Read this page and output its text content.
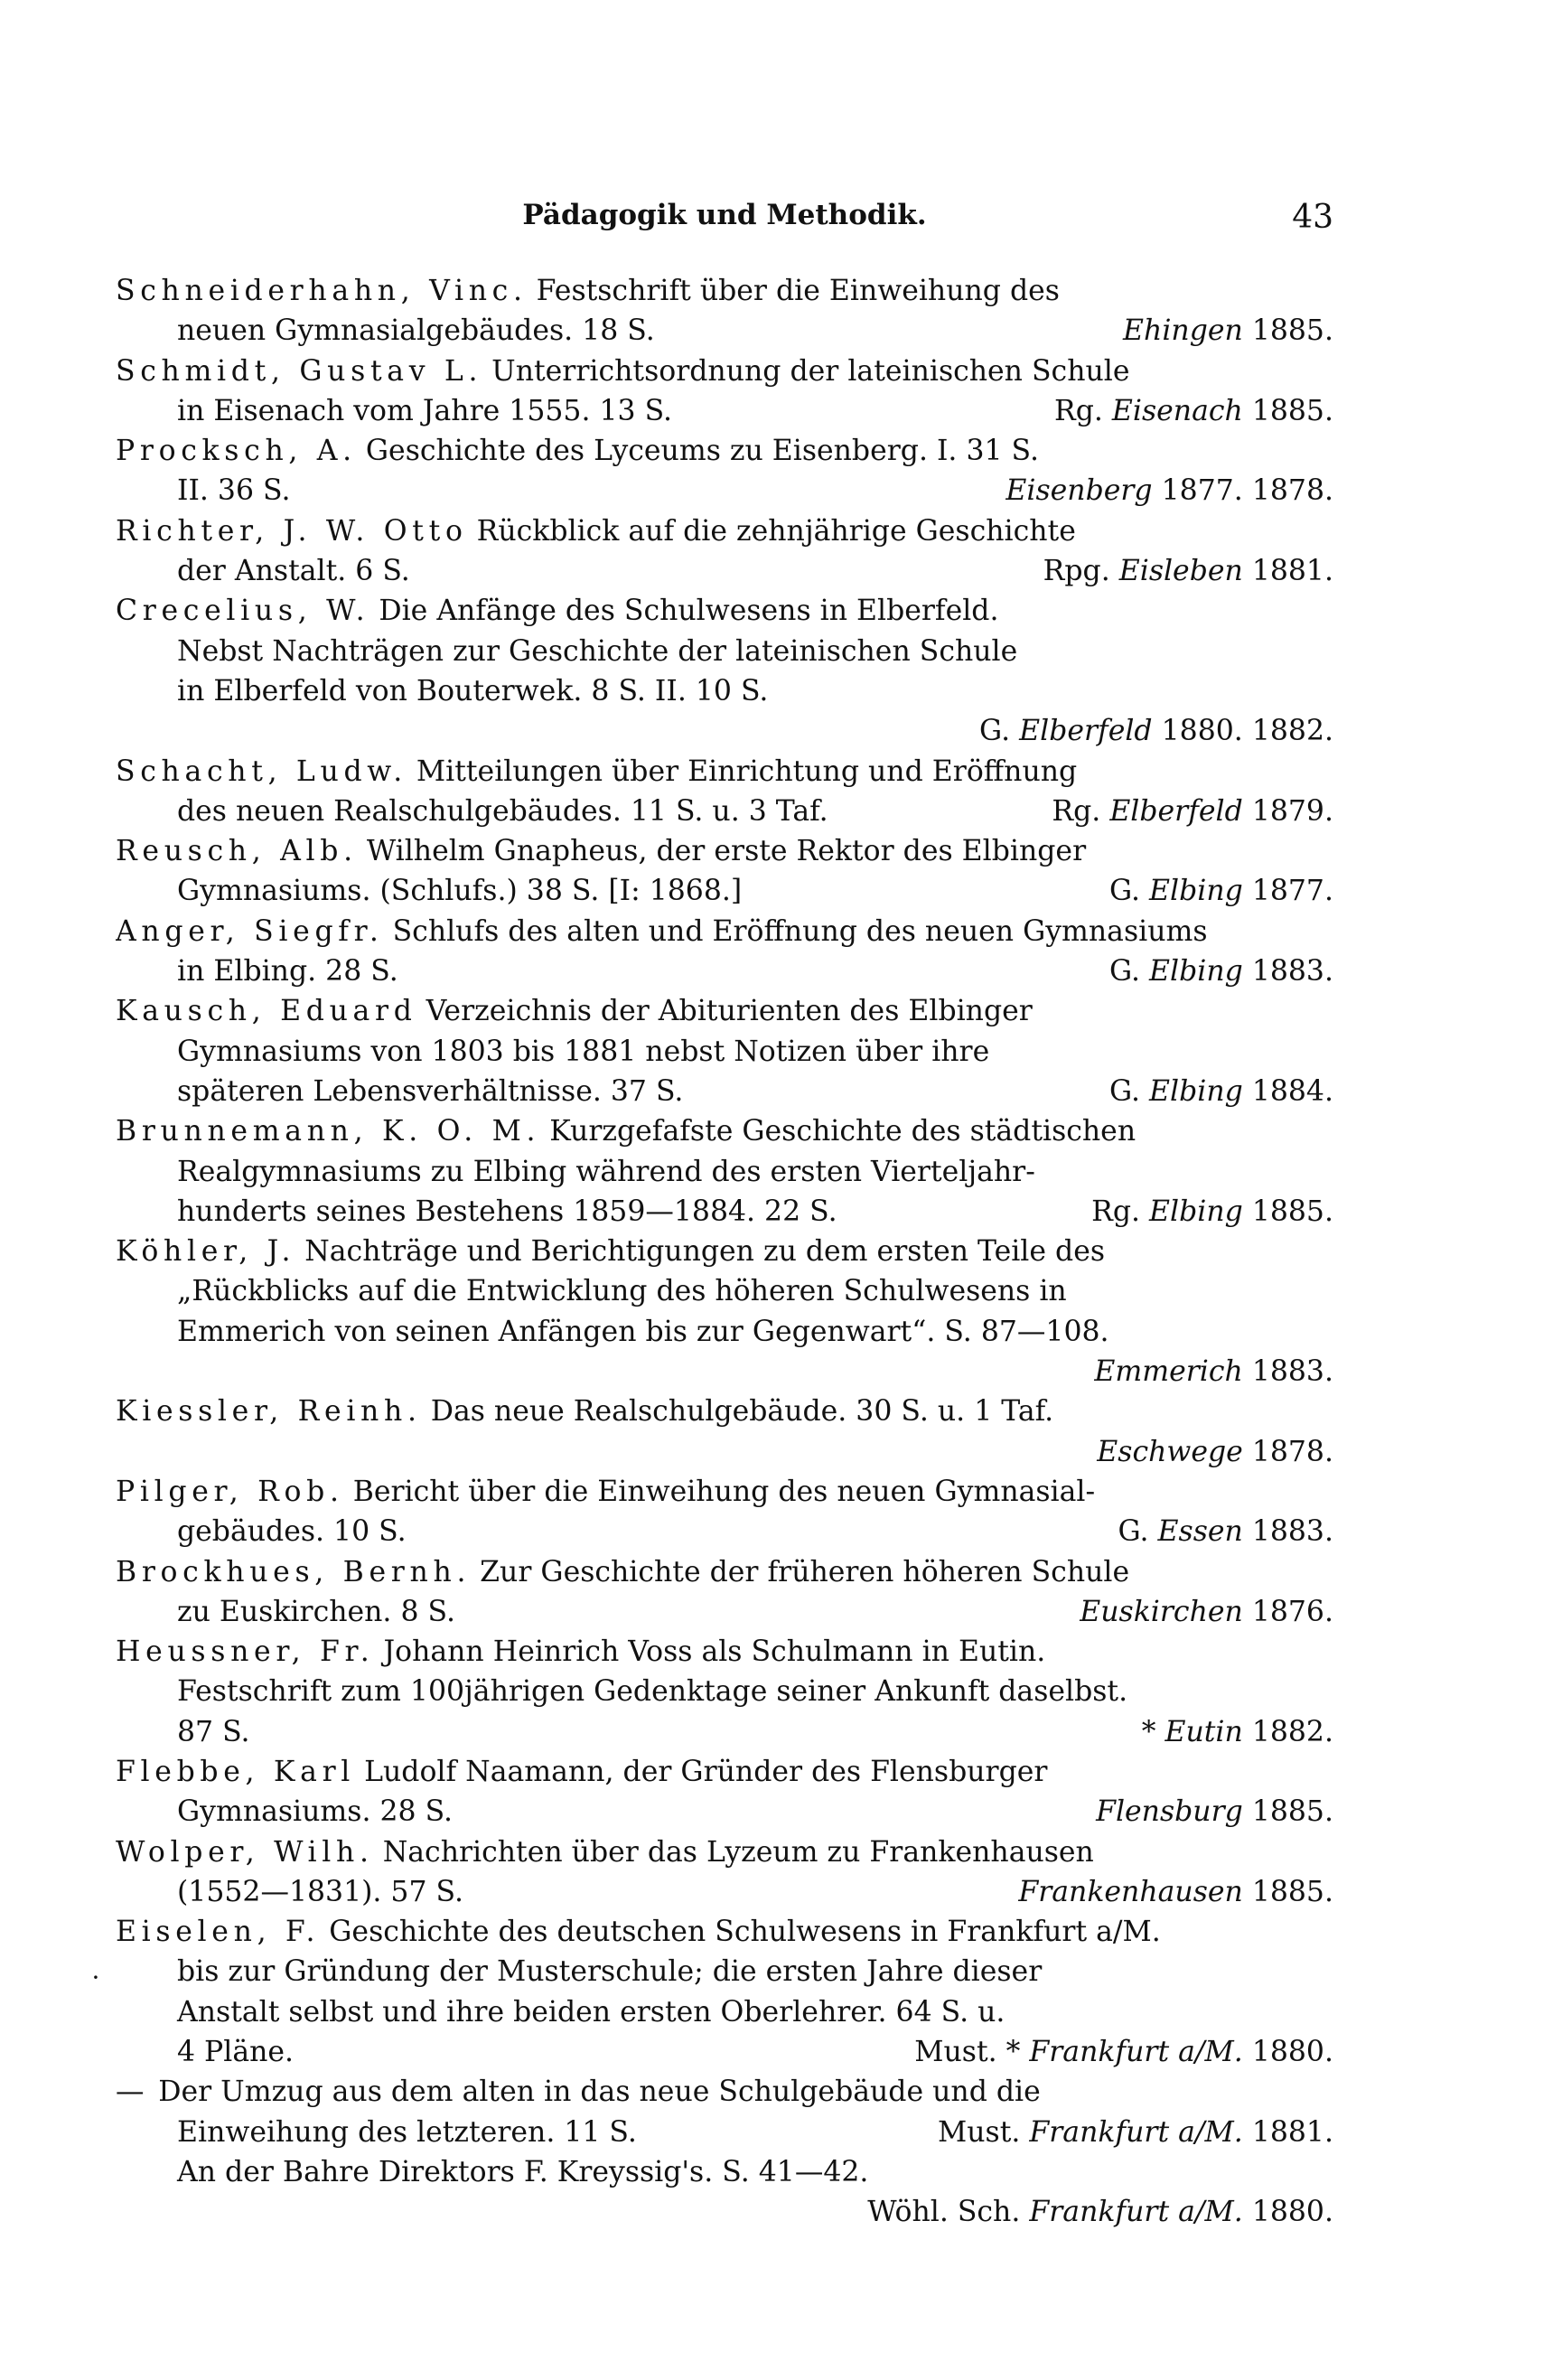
Pädagogik und Methodik.	43
·
Schneiderhahn, Vinc. Festschrift über die Einweihung des
Ehingen 1885.
neuen Gymnasialgebäudes. 18 S.
Schmidt, Gustav L. Unterrichtsordnung der lateinischen Schule
Rg. Eisenach 1885.
in Eisenach vom Jahre 1555. 13 S.
Procksch, A. Geschichte des Lyceums zu Eisenberg. I. 31 S.
Eisenberg 1877. 1878.
II. 36 S.
Richter, J. W. Otto Rückblick auf die zehnjährige Geschichte
Rpg. Eisleben 1881.
der Anstalt. 6 S.
Crecelius, W. Die Anfänge des Schulwesens in Elberfeld.
Nebst Nachträgen zur Geschichte der lateinischen Schule
in Elberfeld von Bouterwek. 8 S. II. 10 S.
G. Elberfeld 1880. 1882.
Schacht, Ludw. Mitteilungen über Einrichtung und Eröffnung
Rg. Elberfeld 1879.
des neuen Realschulgebäudes. 11 S. u. 3 Taf.
Reusch, Alb. Wilhelm Gnapheus, der erste Rektor des Elbinger
G. Elbing 1877.
Gymnasiums. (Schlufs.) 38 S. [I: 1868.]
Anger, Siegfr. Schlufs des alten und Eröffnung des neuen Gymnasiums
G. Elbing 1883.
in Elbing. 28 S.
Kausch, Eduard Verzeichnis der Abiturienten des Elbinger
Gymnasiums von 1803 bis 1881 nebst Notizen über ihre
G. Elbing 1884.
späteren Lebensverhältnisse. 37 S.
Brunnemann, K. O. M. Kurzgefafste Geschichte des städtischen
Realgymnasiums zu Elbing während des ersten Vierteljahr-
Rg. Elbing 1885.
hunderts seines Bestehens 1859—1884. 22 S.
Köhler, J. Nachträge und Berichtigungen zu dem ersten Teile des
„Rückblicks auf die Entwicklung des höheren Schulwesens in
Emmerich von seinen Anfängen bis zur Gegenwart“. S. 87—108.
Emmerich 1883.
Kiessler, Reinh. Das neue Realschulgebäude. 30 S. u. 1 Taf.
Eschwege 1878.
Pilger, Rob. Bericht über die Einweihung des neuen Gymnasial-
G. Essen 1883.
gebäudes. 10 S.
Brockhues, Bernh. Zur Geschichte der früheren höheren Schule
Euskirchen 1876.
zu Euskirchen. 8 S.
Heussner, Fr. Johann Heinrich Voss als Schulmann in Eutin.
Festschrift zum 100jährigen Gedenktage seiner Ankunft daselbst.
* Eutin 1882.
87 S.
Flebbe, Karl Ludolf Naamann, der Gründer des Flensburger
Flensburg 1885.
Gymnasiums. 28 S.
Wolper, Wilh. Nachrichten über das Lyzeum zu Frankenhausen
Frankenhausen 1885.
(1552—1831). 57 S.
Eiselen, F. Geschichte des deutschen Schulwesens in Frankfurt a/M.
bis zur Gründung der Musterschule; die ersten Jahre dieser
Anstalt selbst und ihre beiden ersten Oberlehrer. 64 S. u.
Must. * Frankfurt a/M. 1880.
4 Pläne.
— Der Umzug aus dem alten in das neue Schulgebäude und die
Must. Frankfurt a/M. 1881.
Einweihung des letzteren. 11 S.
An der Bahre Direktors F. Kreyssig's. S. 41—42.
Wöhl. Sch. Frankfurt a/M. 1880.
